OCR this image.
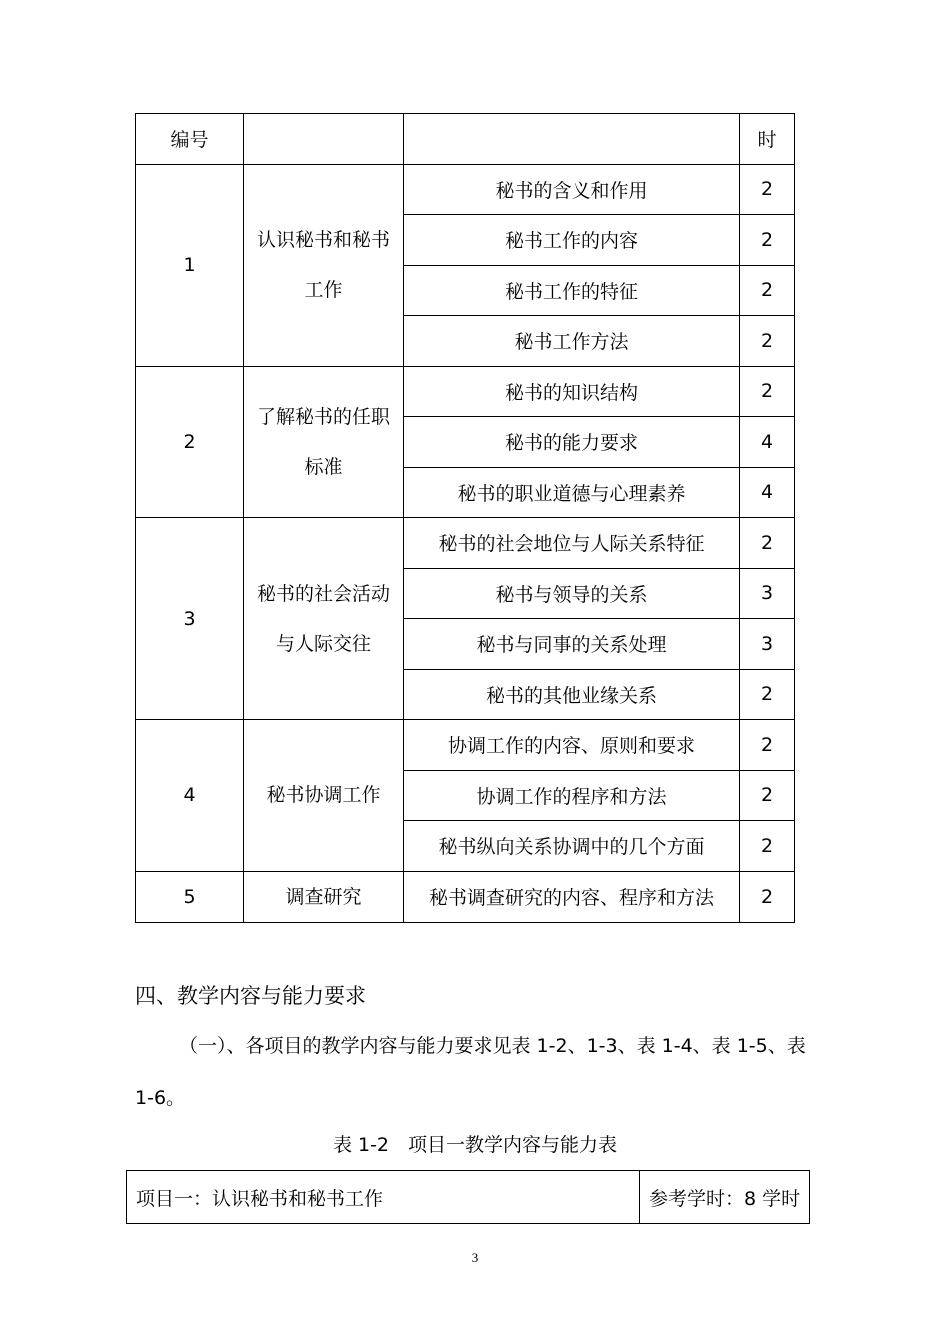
编号			时
1	认识秘书和秘书工作	秘书的含义和作用	2
		秘书工作的内容	2
		秘书工作的特征	2
		秘书工作方法	2
2	了解秘书的任职标准	秘书的知识结构	2
		秘书的能力要求	4
		秘书的职业道德与心理素养	4
3	秘书的社会活动与人际交往	秘书的社会地位与人际关系特征	2
		秘书与领导的关系	3
		秘书与同事的关系处理	3
		秘书的其他业缘关系	2
4	秘书协调工作	协调工作的内容、原则和要求	2
		协调工作的程序和方法	2
		秘书纵向关系协调中的几个方面	2
5	调查研究	秘书调查研究的内容、程序和方法	2
四、教学内容与能力要求
（一）、各项目的教学内容与能力要求见表 1-2、1-3、表 1-4、表 1-5、表
1-6。
表 1-2　项目一教学内容与能力表
项目一：认识秘书和秘书工作	参考学时：8 学时
3
